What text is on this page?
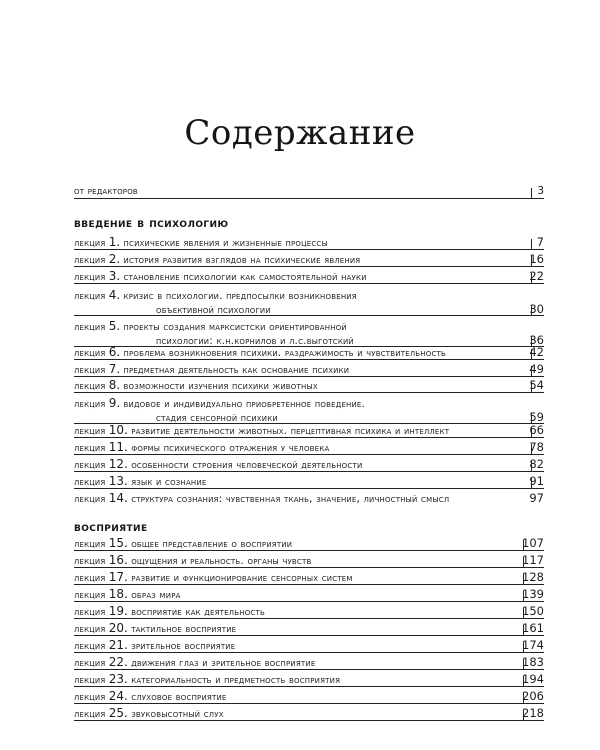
Содержание
от редакторов	3
введение в психологию
лекция 1. психические явления и жизненные процессы	7
лекция 2. история развития взглядов на психические явления	16
лекция 3. становление психологии как самостоятельной науки	22
лекция 4. кризис в психологии. предпосылки возникновения
объективной психологии	30
лекция 5. проекты создания марксистски ориентированной
психологии: к.н.корнилов и л.с.выготский	36
лекция 6. проблема возникновения психики. раздражимость и чувствительность	42
лекция 7. предметная деятельность как основание психики	49
лекция 8. возможности изучения психики животных	54
лекция 9. видовое и индивидуально приобретенное поведение.
стадия сенсорной психики	59
лекция 10. развитие деятельности животных. перцептивная психика и интеллект	66
лекция 11. формы психического отражения у человека	78
лекция 12. особенности строения человеческой деятельности	82
лекция 13. язык и сознание	91
лекция 14. структура сознания: чувственная ткань, значение, личностный смысл	97
восприятие
лекция 15. общее представление о восприятии	107
лекция 16. ощущения и реальность. органы чувств	117
лекция 17. развитие и функционирование сенсорных систем	128
лекция 18. образ мира	139
лекция 19. восприятие как деятельность	150
лекция 20. тактильное восприятие	161
лекция 21. зрительное восприятие	174
лекция 22. движения глаз и зрительное восприятие	183
лекция 23. категориальность и предметность восприятия	194
лекция 24. слуховое восприятие	206
лекция 25. звуковысотный слух	218
